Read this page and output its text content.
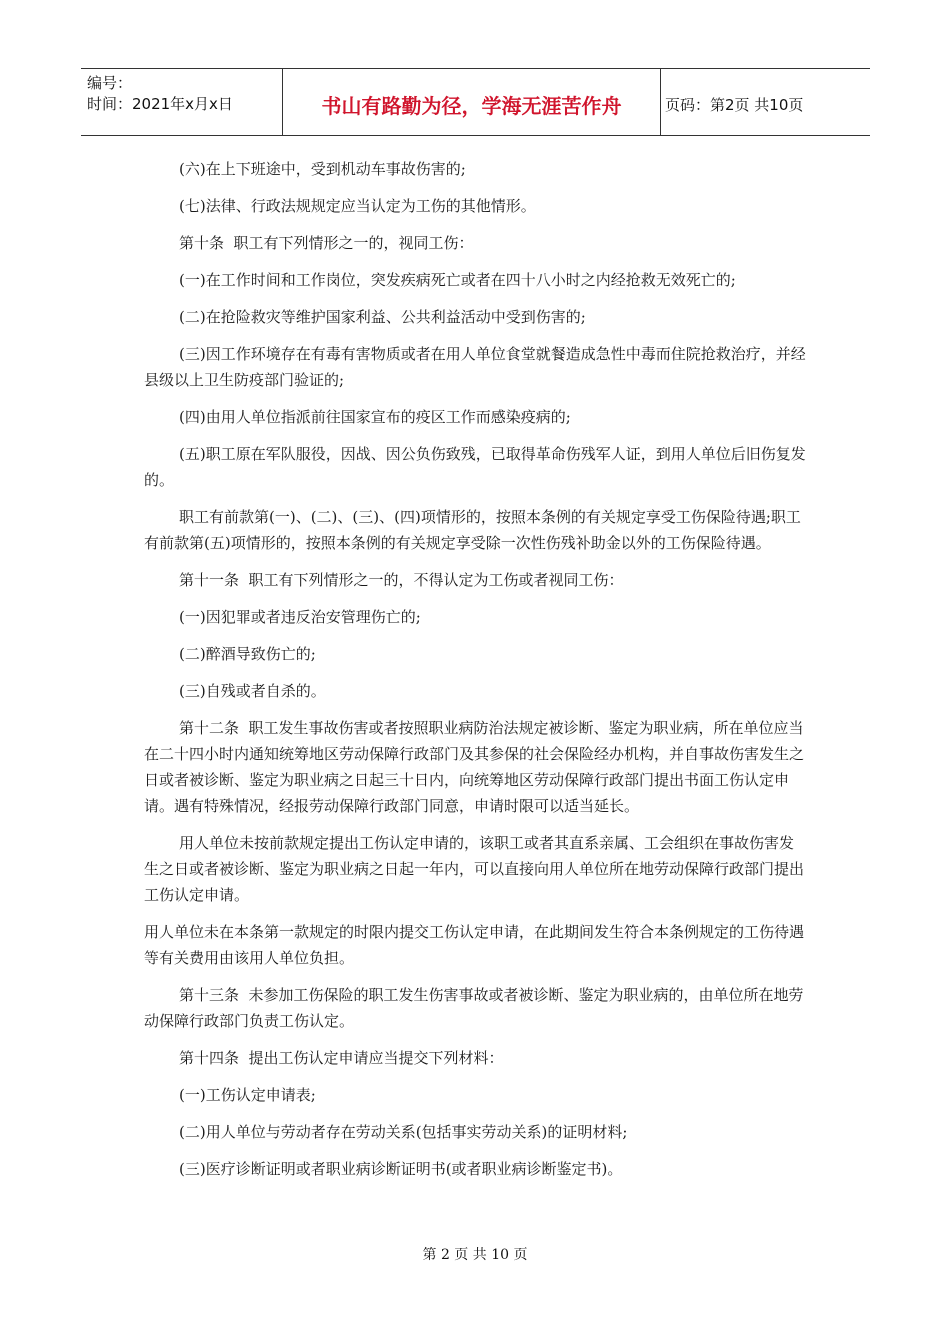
编号：
时间：2021年x月x日	书山有路勤为径，学海无涯苦作舟	页码：第2页 共10页

(六)在上下班途中，受到机动车事故伤害的;

(七)法律、行政法规规定应当认定为工伤的其他情形。

第十条  职工有下列情形之一的，视同工伤：

(一)在工作时间和工作岗位，突发疾病死亡或者在四十八小时之内经抢救无效死亡的;

(二)在抢险救灾等维护国家利益、公共利益活动中受到伤害的;

(三)因工作环境存在有毒有害物质或者在用人单位食堂就餐造成急性中毒而住院抢救治疗，并经县级以上卫生防疫部门验证的;

(四)由用人单位指派前往国家宣布的疫区工作而感染疫病的;

(五)职工原在军队服役，因战、因公负伤致残，已取得革命伤残军人证，到用人单位后旧伤复发的。

职工有前款第(一)、(二)、(三)、(四)项情形的，按照本条例的有关规定享受工伤保险待遇;职工有前款第(五)项情形的，按照本条例的有关规定享受除一次性伤残补助金以外的工伤保险待遇。

第十一条  职工有下列情形之一的，不得认定为工伤或者视同工伤：

(一)因犯罪或者违反治安管理伤亡的;

(二)醉酒导致伤亡的;

(三)自残或者自杀的。

第十二条  职工发生事故伤害或者按照职业病防治法规定被诊断、鉴定为职业病，所在单位应当在二十四小时内通知统筹地区劳动保障行政部门及其参保的社会保险经办机构，并自事故伤害发生之日或者被诊断、鉴定为职业病之日起三十日内，向统筹地区劳动保障行政部门提出书面工伤认定申请。遇有特殊情况，经报劳动保障行政部门同意，申请时限可以适当延长。

用人单位未按前款规定提出工伤认定申请的，该职工或者其直系亲属、工会组织在事故伤害发生之日或者被诊断、鉴定为职业病之日起一年内，可以直接向用人单位所在地劳动保障行政部门提出工伤认定申请。

用人单位未在本条第一款规定的时限内提交工伤认定申请，在此期间发生符合本条例规定的工伤待遇等有关费用由该用人单位负担。

第十三条  未参加工伤保险的职工发生伤害事故或者被诊断、鉴定为职业病的，由单位所在地劳动保障行政部门负责工伤认定。

第十四条  提出工伤认定申请应当提交下列材料：

(一)工伤认定申请表;

(二)用人单位与劳动者存在劳动关系(包括事实劳动关系)的证明材料;

(三)医疗诊断证明或者职业病诊断证明书(或者职业病诊断鉴定书)。

第 2 页 共 10 页
